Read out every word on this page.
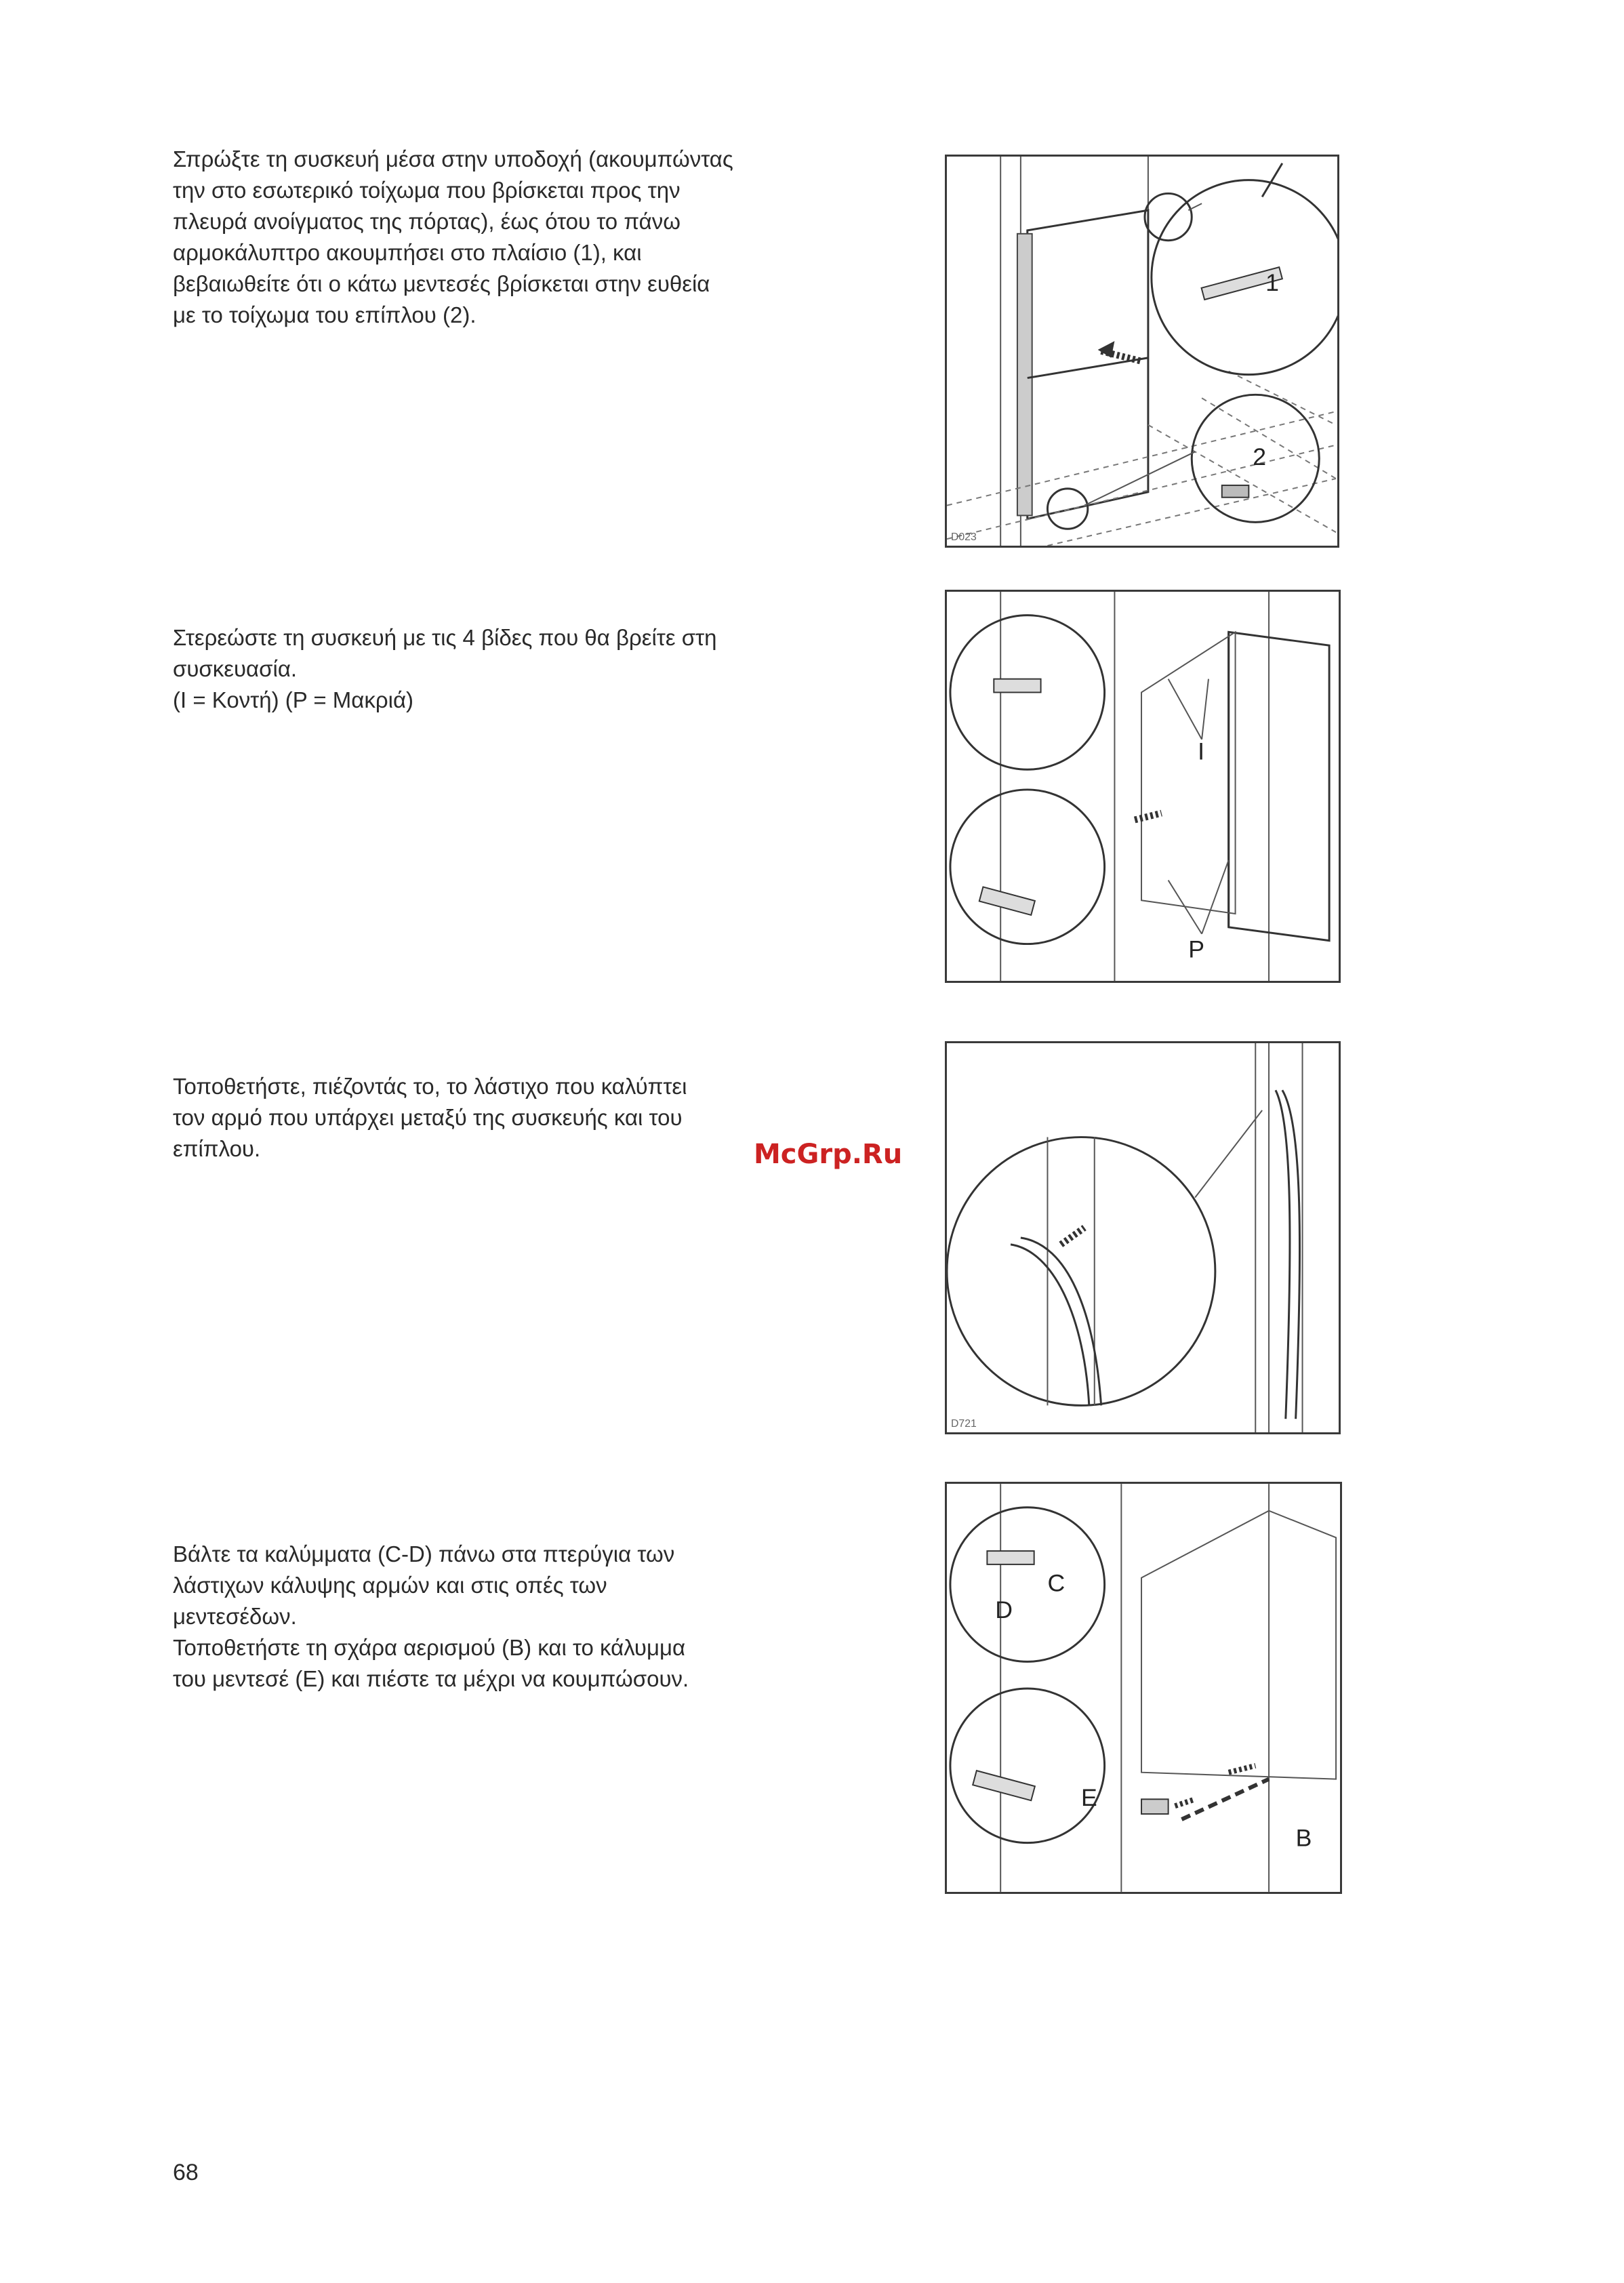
Σπρώξτε τη συσκευή μέσα στην υποδοχή (ακουμπώντας
την στο εσωτερικό τοίχωμα που βρίσκεται προς την
πλευρά ανοίγματος της πόρτας), έως ότου το πάνω
αρμοκάλυπτρο ακουμπήσει στο πλαίσιο (1), και
βεβαιωθείτε ότι ο κάτω μεντεσές βρίσκεται στην ευθεία
με το τοίχωμα του επίπλου (2).
1
2
D023
Στερεώστε τη συσκευή με τις 4 βίδες που θα βρείτε στη
συσκευασία.
(I = Κοντή) (P = Μακριά)
I
P
Τοποθετήστε, πιέζοντάς το, το λάστιχο που καλύπτει
τον αρμό που υπάρχει μεταξύ της συσκευής και του
επίπλου.	McGrp.Ru
D721
Βάλτε τα καλύμματα (C-D) πάνω στα πτερύγια των
λάστιχων κάλυψης αρμών και στις οπές των
μεντεσέδων.
Τοποθετήστε τη σχάρα αερισμού (B) και το κάλυμμα
του μεντεσέ (E) και πιέστε τα μέχρι να κουμπώσουν.
C
D
E
B
68
